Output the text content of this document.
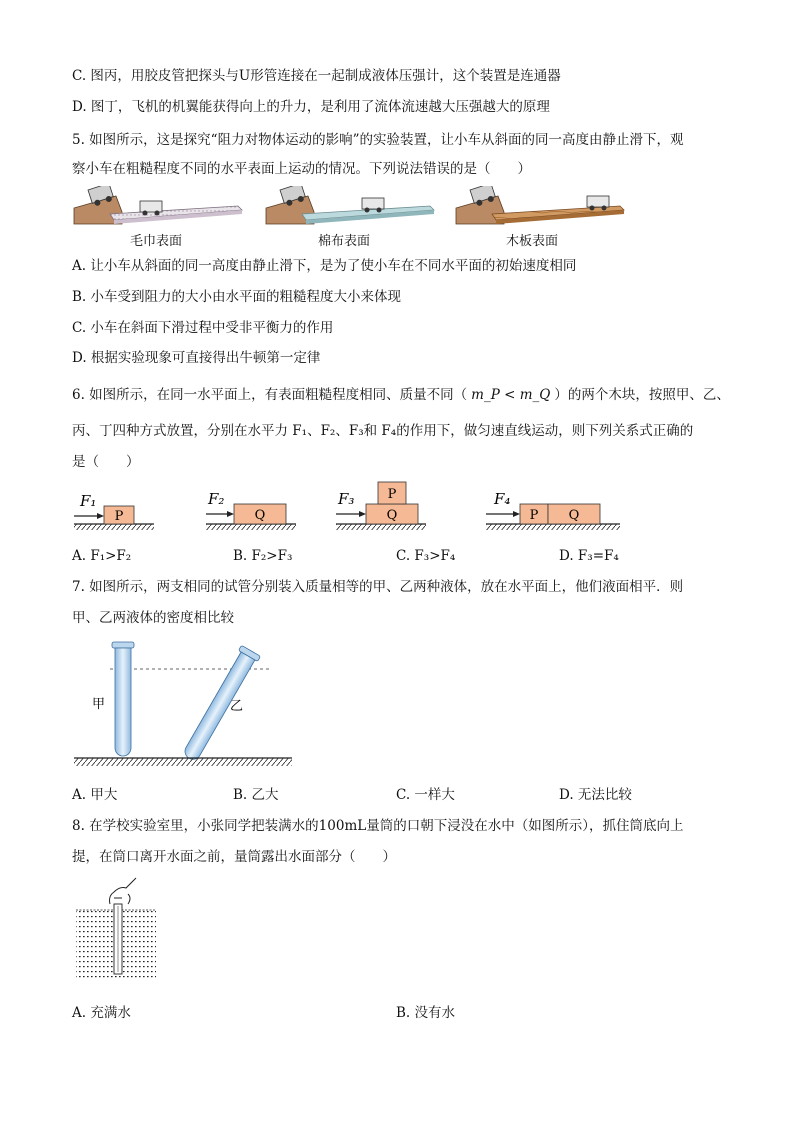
C. 图丙，用胶皮管把探头与U形管连接在一起制成液体压强计，这个装置是连通器
D. 图丁，飞机的机翼能获得向上的升力，是利用了流体流速越大压强越大的原理
5. 如图所示，这是探究“阻力对物体运动的影响”的实验装置，让小车从斜面的同一高度由静止滑下，观
察小车在粗糙程度不同的水平表面上运动的情况。下列说法错误的是（　　）
毛巾表面	棉布表面	木板表面
A. 让小车从斜面的同一高度由静止滑下，是为了使小车在不同水平面的初始速度相同
B. 小车受到阻力的大小由水平面的粗糙程度大小来体现
C. 小车在斜面下滑过程中受非平衡力的作用
D. 根据实验现象可直接得出牛顿第一定律
6. 如图所示，在同一水平面上，有表面粗糙程度相同、质量不同（ m_P < m_Q ）的两个木块，按照甲、乙、
丙、丁四种方式放置，分别在水平力 F₁、F₂、F₃和 F₄的作用下，做匀速直线运动，则下列关系式正确的
是（　　）
P
F₁
Q
F₂
Q
P
F₃
P Q
F₄
A. F₁>F₂	B. F₂>F₃	C. F₃>F₄	D. F₃=F₄
7. 如图所示，两支相同的试管分别装入质量相等的甲、乙两种液体，放在水平面上，他们液面相平．则
甲、乙两液体的密度相比较
甲	乙
A. 甲大	B. 乙大	C. 一样大	D. 无法比较
8. 在学校实验室里，小张同学把装满水的100mL量筒的口朝下浸没在水中（如图所示），抓住筒底向上
提，在筒口离开水面之前，量筒露出水面部分（　　）
A. 充满水	B. 没有水
